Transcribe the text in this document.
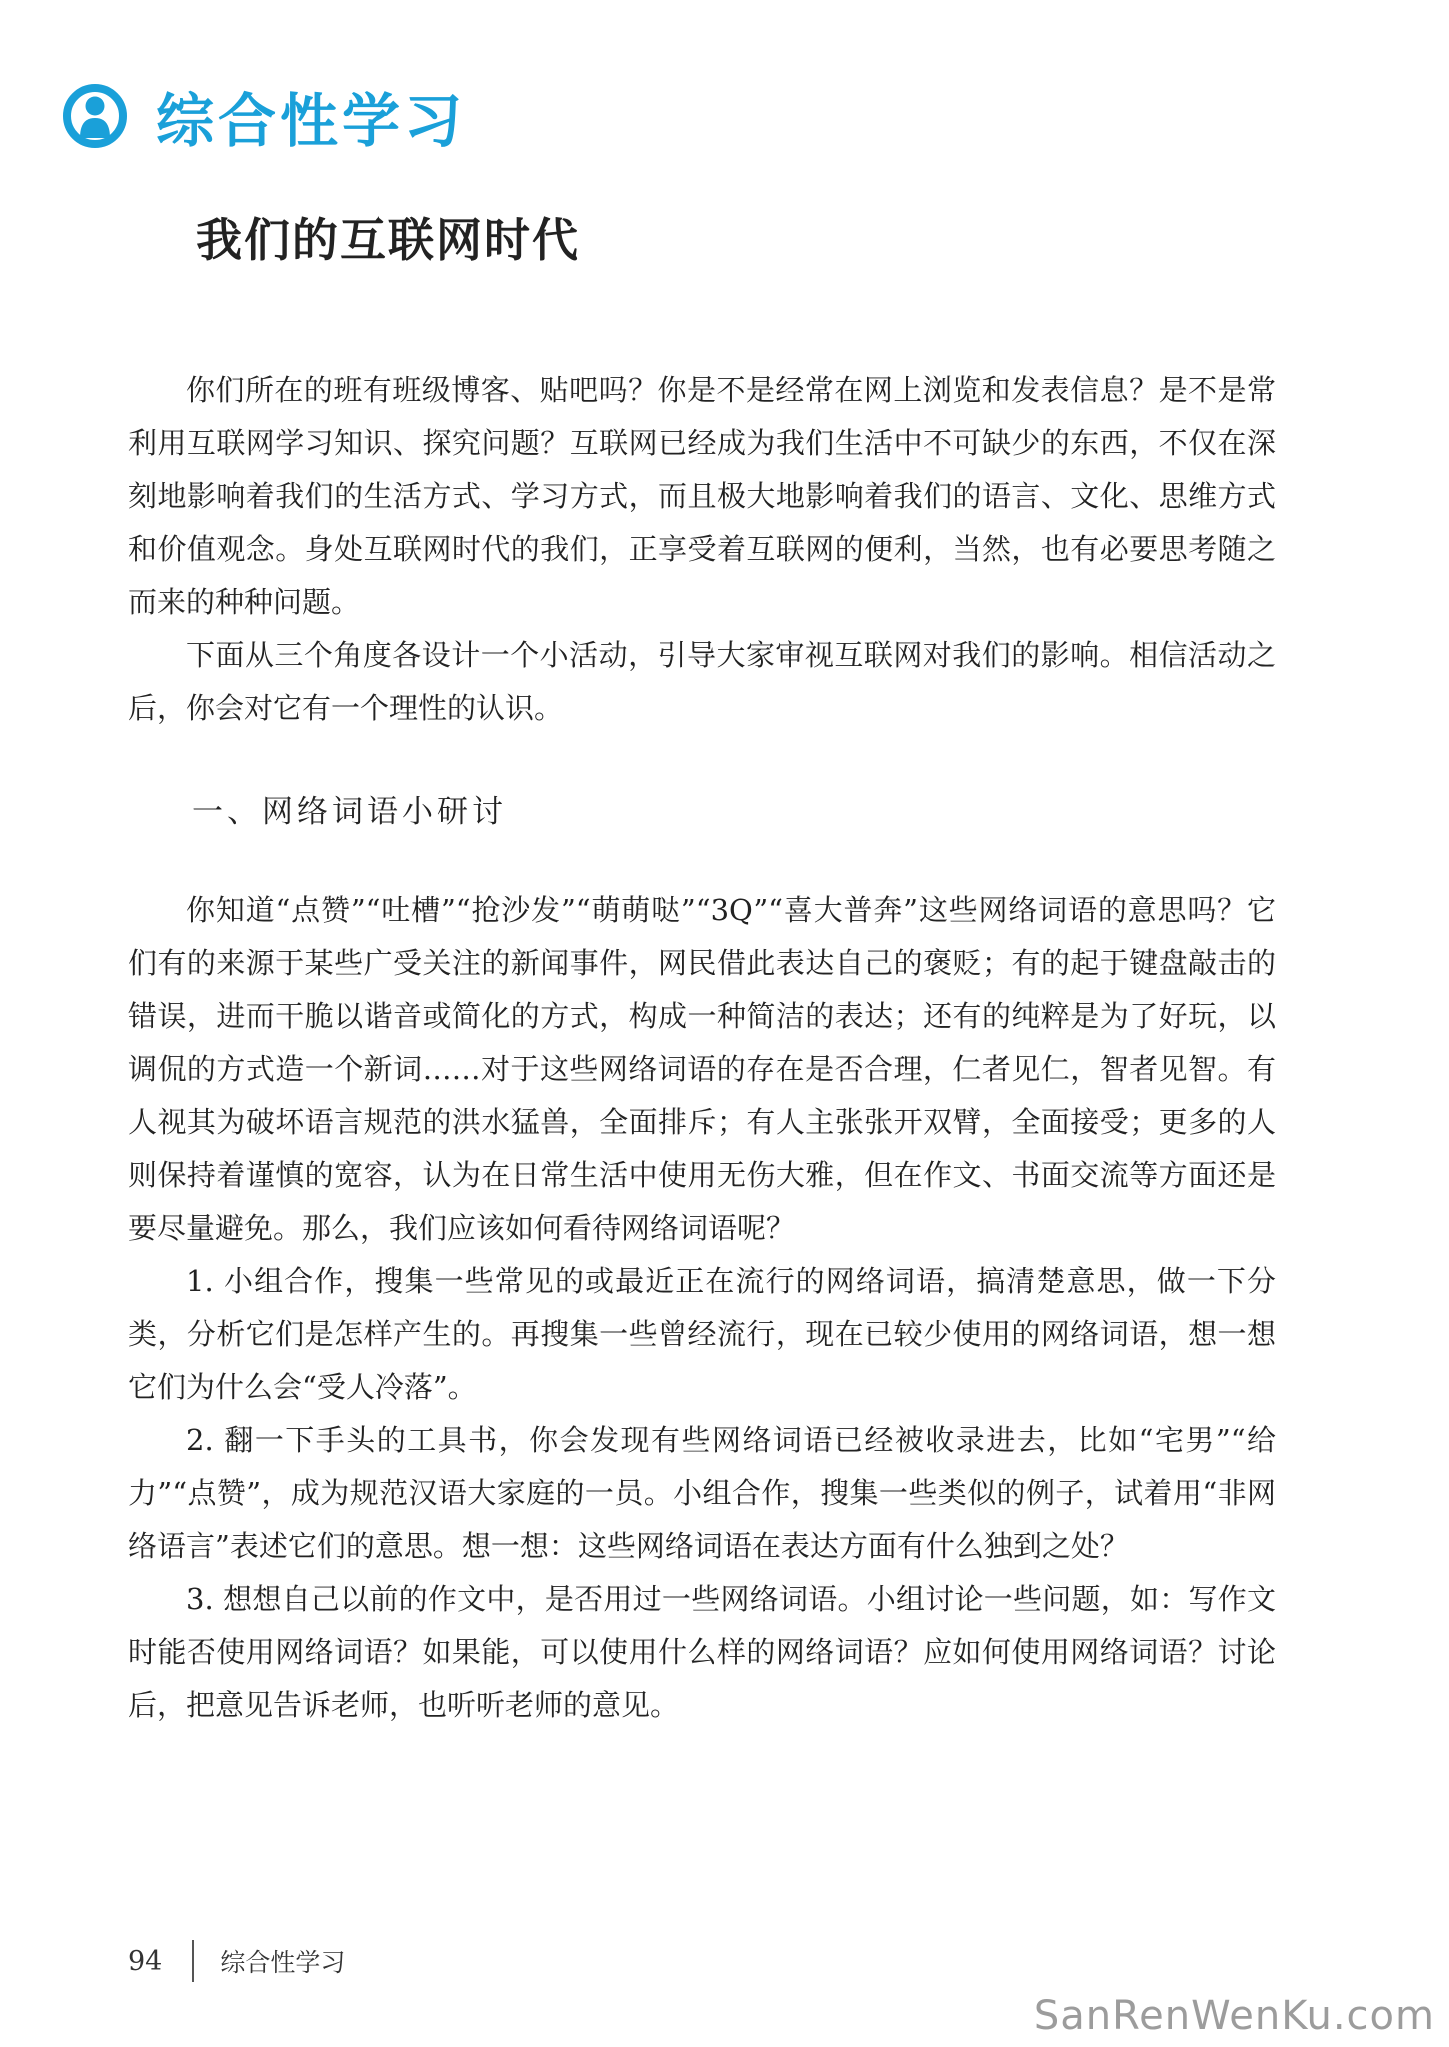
综合性学习
我们的互联网时代

你们所在的班有班级博客、贴吧吗？你是不是经常在网上浏览和发表信息？是不是常利用互联网学习知识、探究问题？互联网已经成为我们生活中不可缺少的东西，不仅在深刻地影响着我们的生活方式、学习方式，而且极大地影响着我们的语言、文化、思维方式和价值观念。身处互联网时代的我们，正享受着互联网的便利，当然，也有必要思考随之而来的种种问题。

下面从三个角度各设计一个小活动，引导大家审视互联网对我们的影响。相信活动之后，你会对它有一个理性的认识。

一、网络词语小研讨

你知道“点赞”“吐槽”“抢沙发”“萌萌哒”“3Q”“喜大普奔”这些网络词语的意思吗？它们有的来源于某些广受关注的新闻事件，网民借此表达自己的褒贬；有的起于键盘敲击的错误，进而干脆以谐音或简化的方式，构成一种简洁的表达；还有的纯粹是为了好玩，以调侃的方式造一个新词……对于这些网络词语的存在是否合理，仁者见仁，智者见智。有人视其为破坏语言规范的洪水猛兽，全面排斥；有人主张张开双臂，全面接受；更多的人则保持着谨慎的宽容，认为在日常生活中使用无伤大雅，但在作文、书面交流等方面还是要尽量避免。那么，我们应该如何看待网络词语呢？

1. 小组合作，搜集一些常见的或最近正在流行的网络词语，搞清楚意思，做一下分类，分析它们是怎样产生的。再搜集一些曾经流行，现在已较少使用的网络词语，想一想它们为什么会“受人冷落”。

2. 翻一下手头的工具书，你会发现有些网络词语已经被收录进去，比如“宅男”“给力”“点赞”，成为规范汉语大家庭的一员。小组合作，搜集一些类似的例子，试着用“非网络语言”表述它们的意思。想一想：这些网络词语在表达方面有什么独到之处？

3. 想想自己以前的作文中，是否用过一些网络词语。小组讨论一些问题，如：写作文时能否使用网络词语？如果能，可以使用什么样的网络词语？应如何使用网络词语？讨论后，把意见告诉老师，也听听老师的意见。

94 综合性学习
SanRenWenKu.com
